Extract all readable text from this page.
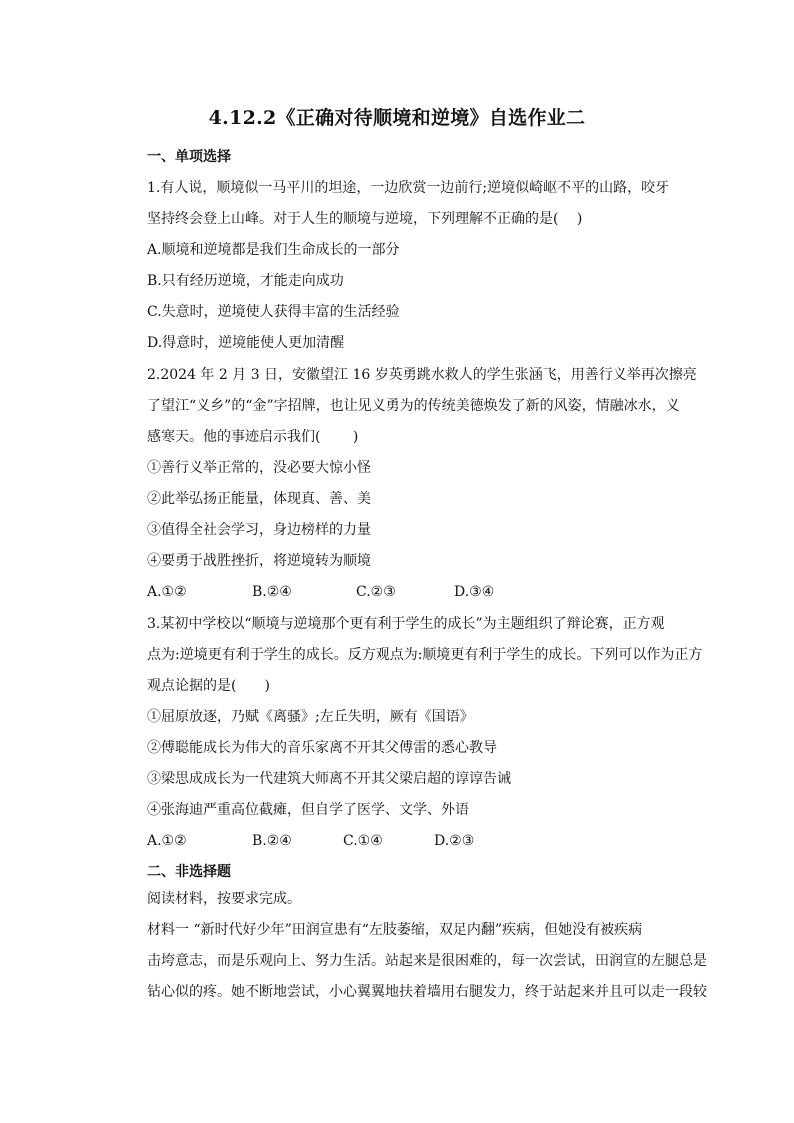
4.12.2《正确对待顺境和逆境》自选作业二
一、单项选择
1.有人说，顺境似一马平川的坦途，一边欣赏一边前行;逆境似崎岖不平的山路，咬牙
坚持终会登上山峰。对于人生的顺境与逆境，下列理解不正确的是(　 )
A.顺境和逆境都是我们生命成长的一部分
B.只有经历逆境，才能走向成功
C.失意时，逆境使人获得丰富的生活经验
D.得意时，逆境能使人更加清醒
2.2024 年 2 月 3 日，安徽望江 16 岁英勇跳水救人的学生张涵飞，用善行义举再次擦亮
了望江“义乡”的“金”字招牌，也让见义勇为的传统美德焕发了新的风姿，情融冰水，义
感寒天。他的事迹启示我们(　　 )
①善行义举正常的，没必要大惊小怪
②此举弘扬正能量，体现真、善、美
③值得全社会学习，身边榜样的力量
④要勇于战胜挫折，将逆境转为顺境
A.①②	B.②④	C.②③	D.③④
3.某初中学校以“顺境与逆境那个更有利于学生的成长”为主题组织了辩论赛，正方观
点为:逆境更有利于学生的成长。反方观点为:顺境更有利于学生的成长。下列可以作为正方
观点论据的是(　　)
①屈原放逐，乃赋《离骚》;左丘失明，厥有《国语》
②傅聪能成长为伟大的音乐家离不开其父傅雷的悉心教导
③梁思成成长为一代建筑大师离不开其父梁启超的谆谆告诫
④张海迪严重高位截瘫，但自学了医学、文学、外语
A.①②	B.②④	C.①④	D.②③
二、非选择题
阅读材料，按要求完成。
材料一 “新时代好少年”田润宣患有“左肢萎缩，双足内翻”疾病，但她没有被疾病
击垮意志，而是乐观向上、努力生活。站起来是很困难的，每一次尝试，田润宣的左腿总是
钻心似的疼。她不断地尝试，小心翼翼地扶着墙用右腿发力，终于站起来并且可以走一段较
